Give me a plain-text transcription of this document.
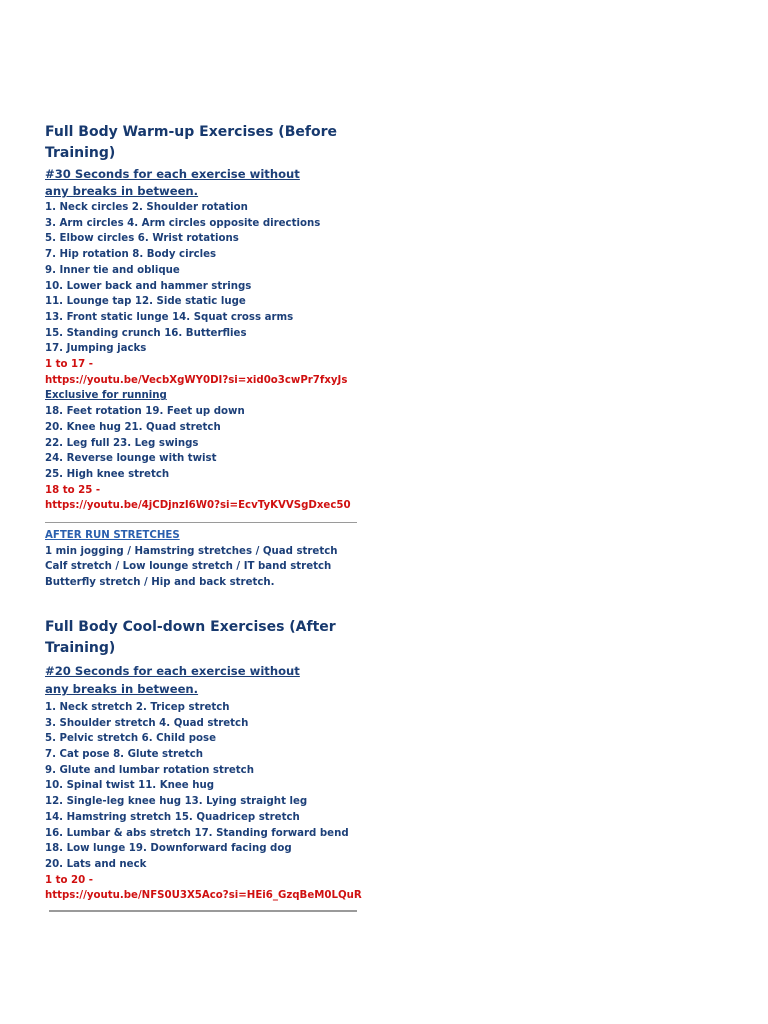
Full Body Warm-up Exercises (Before
Training)
#30 Seconds for each exercise without
any breaks in between.
1. Neck circles 2. Shoulder rotation
3. Arm circles 4. Arm circles opposite directions
5. Elbow circles 6. Wrist rotations
7. Hip rotation 8. Body circles
9. Inner tie and oblique
10. Lower back and hammer strings
11. Lounge tap 12. Side static luge
13. Front static lunge 14. Squat cross arms
15. Standing crunch 16. Butterflies
17. Jumping jacks
1 to 17 -
https://youtu.be/VecbXgWY0DI?si=xid0o3cwPr7fxyJs
Exclusive for running
18. Feet rotation 19. Feet up down
20. Knee hug 21. Quad stretch
22. Leg full 23. Leg swings
24. Reverse lounge with twist
25. High knee stretch
18 to 25 -
https://youtu.be/4jCDjnzI6W0?si=EcvTyKVVSgDxec50
AFTER RUN STRETCHES
1 min jogging / Hamstring stretches / Quad stretch
Calf stretch / Low lounge stretch / IT band stretch
Butterfly stretch / Hip and back stretch.
Full Body Cool-down Exercises (After
Training)
#20 Seconds for each exercise without
any breaks in between.
1. Neck stretch 2. Tricep stretch
3. Shoulder stretch 4. Quad stretch
5. Pelvic stretch 6. Child pose
7. Cat pose 8. Glute stretch
9. Glute and lumbar rotation stretch
10. Spinal twist 11. Knee hug
12. Single-leg knee hug 13. Lying straight leg
14. Hamstring stretch 15. Quadricep stretch
16. Lumbar & abs stretch 17. Standing forward bend
18. Low lunge 19. Downforward facing dog
20. Lats and neck
1 to 20 -
https://youtu.be/NFS0U3X5Aco?si=HEi6_GzqBeM0LQuR
